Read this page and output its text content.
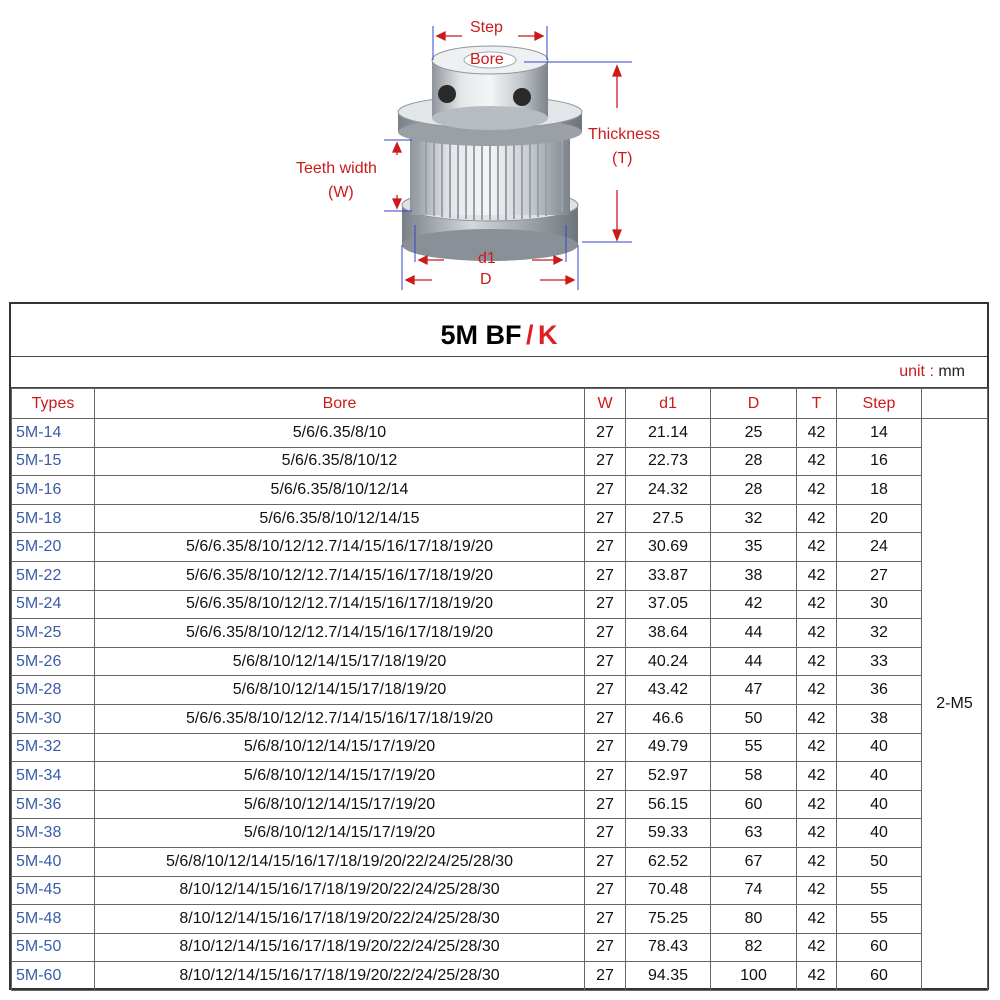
Step
Bore
Thickness
(T)
Teeth width
(W)
d1
D
5M BF / K
unit : mm
Types	Bore	W	d1	D	T	Step	
5M-14	5/6/6.35/8/10	27	21.14	25	42	14	2-M5
5M-15	5/6/6.35/8/10/12	27	22.73	28	42	16	
5M-16	5/6/6.35/8/10/12/14	27	24.32	28	42	18	
5M-18	5/6/6.35/8/10/12/14/15	27	27.5	32	42	20	
5M-20	5/6/6.35/8/10/12/12.7/14/15/16/17/18/19/20	27	30.69	35	42	24	
5M-22	5/6/6.35/8/10/12/12.7/14/15/16/17/18/19/20	27	33.87	38	42	27	
5M-24	5/6/6.35/8/10/12/12.7/14/15/16/17/18/19/20	27	37.05	42	42	30	
5M-25	5/6/6.35/8/10/12/12.7/14/15/16/17/18/19/20	27	38.64	44	42	32	
5M-26	5/6/8/10/12/14/15/17/18/19/20	27	40.24	44	42	33	
5M-28	5/6/8/10/12/14/15/17/18/19/20	27	43.42	47	42	36	
5M-30	5/6/6.35/8/10/12/12.7/14/15/16/17/18/19/20	27	46.6	50	42	38	
5M-32	5/6/8/10/12/14/15/17/19/20	27	49.79	55	42	40	
5M-34	5/6/8/10/12/14/15/17/19/20	27	52.97	58	42	40	
5M-36	5/6/8/10/12/14/15/17/19/20	27	56.15	60	42	40	
5M-38	5/6/8/10/12/14/15/17/19/20	27	59.33	63	42	40	
5M-40	5/6/8/10/12/14/15/16/17/18/19/20/22/24/25/28/30	27	62.52	67	42	50	
5M-45	8/10/12/14/15/16/17/18/19/20/22/24/25/28/30	27	70.48	74	42	55	
5M-48	8/10/12/14/15/16/17/18/19/20/22/24/25/28/30	27	75.25	80	42	55	
5M-50	8/10/12/14/15/16/17/18/19/20/22/24/25/28/30	27	78.43	82	42	60	
5M-60	8/10/12/14/15/16/17/18/19/20/22/24/25/28/30	27	94.35	100	42	60	
